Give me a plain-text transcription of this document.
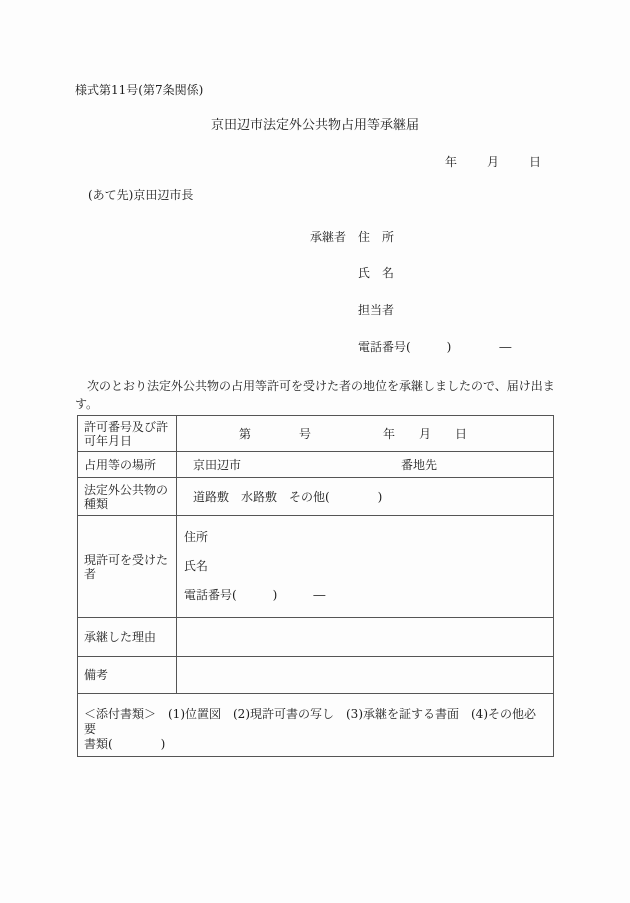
様式第11号(第7条関係)
京田辺市法定外公共物占用等承継届
年　　月　　日
(あて先)京田辺市長
承継者　住　所
氏　名
担当者
電話番号(　　　)　　　　―
　次のとおり法定外公共物の占用等許可を受けた者の地位を承継しましたので、届け出ま
す。
許可番号及び許可年月日	第　　　　号　　　　　　年　　月　　日
占用等の場所	京田辺市 番地先
法定外公共物の種類	道路敷　水路敷　その他(　　　　)
現許可を受けた者	住所
氏名
電話番号(　　　)　　　―

承継した理由	
備考	

＜添付書類＞　(1)位置図　(2)現許可書の写し　(3)承継を証する書面　(4)その他必要
書類(　　　　)	
